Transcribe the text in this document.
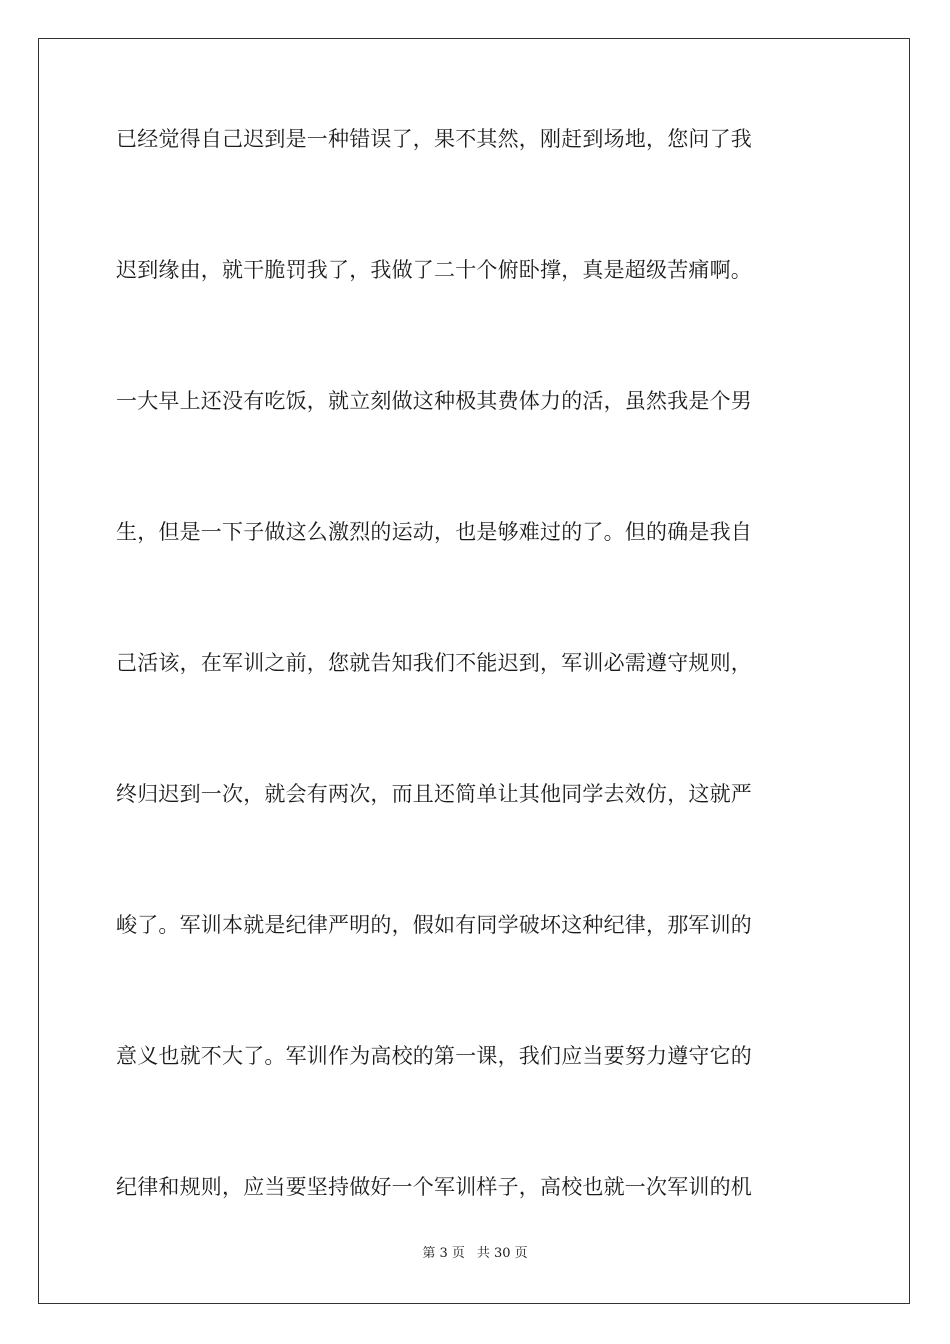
已经觉得自己迟到是一种错误了，果不其然，刚赶到场地，您问了我
迟到缘由，就干脆罚我了，我做了二十个俯卧撑，真是超级苦痛啊。
一大早上还没有吃饭，就立刻做这种极其费体力的活，虽然我是个男
生，但是一下子做这么激烈的运动，也是够难过的了。但的确是我自
己活该，在军训之前，您就告知我们不能迟到，军训必需遵守规则，
终归迟到一次，就会有两次，而且还简单让其他同学去效仿，这就严
峻了。军训本就是纪律严明的，假如有同学破坏这种纪律，那军训的
意义也就不大了。军训作为高校的第一课，我们应当要努力遵守它的
纪律和规则，应当要坚持做好一个军训样子，高校也就一次军训的机
第 3 页 共 30 页
